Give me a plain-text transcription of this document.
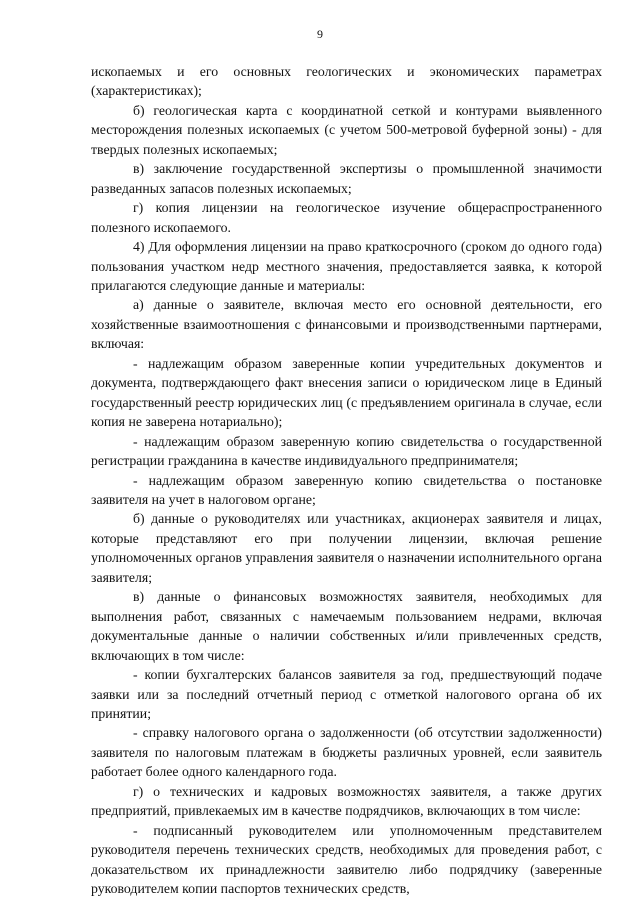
9

ископаемых и его основных геологических и экономических параметрах (характеристиках);

б) геологическая карта с координатной сеткой и контурами выявленного месторождения полезных ископаемых (с учетом 500-метровой буферной зоны) - для твердых полезных ископаемых;

в) заключение государственной экспертизы о промышленной значимости разведанных запасов полезных ископаемых;

г) копия лицензии на геологическое изучение общераспространенного полезного ископаемого.

4) Для оформления лицензии на право краткосрочного (сроком до одного года) пользования участком недр местного значения, предоставляется заявка, к которой прилагаются следующие данные и материалы:

а) данные о заявителе, включая место его основной деятельности, его хозяйственные взаимоотношения с финансовыми и производственными партнерами, включая:

- надлежащим образом заверенные копии учредительных документов и документа, подтверждающего факт внесения записи о юридическом лице в Единый государственный реестр юридических лиц (с предъявлением оригинала в случае, если копия не заверена нотариально);

- надлежащим образом заверенную копию свидетельства о государственной регистрации гражданина в качестве индивидуального предпринимателя;

- надлежащим образом заверенную копию свидетельства о постановке заявителя на учет в налоговом органе;

б) данные о руководителях или участниках, акционерах заявителя и лицах, которые представляют его при получении лицензии, включая решение уполномоченных органов управления заявителя о назначении исполнительного органа заявителя;

в) данные о финансовых возможностях заявителя, необходимых для выполнения работ, связанных с намечаемым пользованием недрами, включая документальные данные о наличии собственных и/или привлеченных средств, включающих в том числе:

- копии бухгалтерских балансов заявителя за год, предшествующий подаче заявки или за последний отчетный период с отметкой налогового органа об их принятии;

- справку налогового органа о задолженности (об отсутствии задолженности) заявителя по налоговым платежам в бюджеты различных уровней, если заявитель работает более одного календарного года.

г) о технических и кадровых возможностях заявителя, а также других предприятий, привлекаемых им в качестве подрядчиков, включающих в том числе:

- подписанный руководителем или уполномоченным представителем руководителя перечень технических средств, необходимых для проведения работ, с доказательством их принадлежности заявителю либо подрядчику (заверенные руководителем копии паспортов технических средств,
